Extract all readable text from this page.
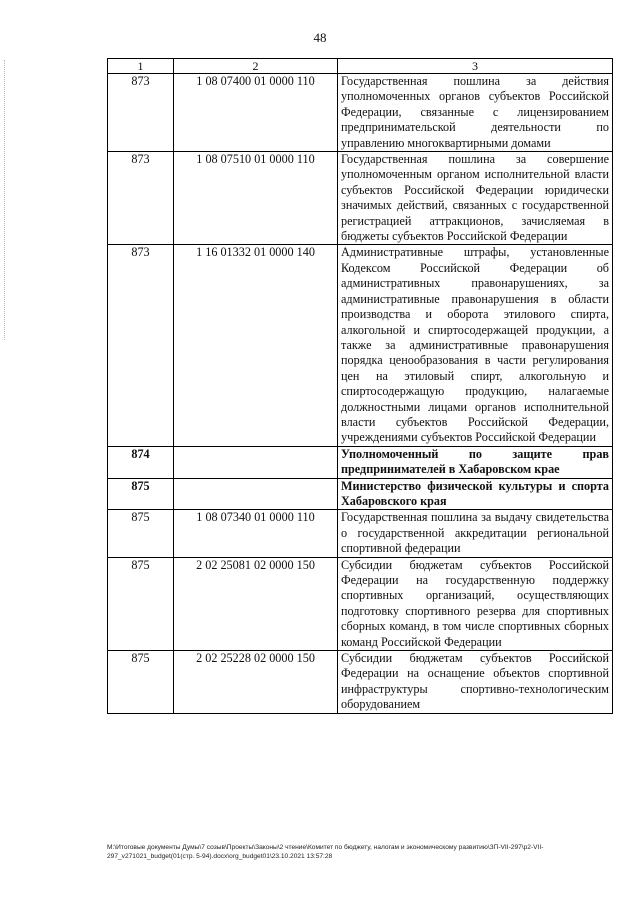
48
1	2	3
873	1 08 07400 01 0000 110	Государственная пошлина за действия уполномоченных органов субъектов Российской Федерации, связанные с лицензированием предпринимательской деятельности по управлению многоквартирными домами
873	1 08 07510 01 0000 110	Государственная пошлина за совершение уполномоченным органом исполнительной власти субъектов Российской Федерации юридически значимых действий, связанных с государственной регистрацией аттракционов, зачисляемая в бюджеты субъектов Российской Федерации
873	1 16 01332 01 0000 140	Административные штрафы, установленные Кодексом Российской Федерации об административных правонарушениях, за административные правонарушения в области производства и оборота этилового спирта, алкогольной и спиртосодержащей продукции, а также за административные правонарушения порядка ценообразования в части регулирования цен на этиловый спирт, алкогольную и спиртосодержащую продукцию, налагаемые должностными лицами органов исполнительной власти субъектов Российской Федерации, учреждениями субъектов Российской Федерации
874		Уполномоченный по защите прав предпринимателей в Хабаровском крае
875		Министерство физической культуры и спорта Хабаровского края
875	1 08 07340 01 0000 110	Государственная пошлина за выдачу свидетельства о государственной аккредитации региональной спортивной федерации
875	2 02 25081 02 0000 150	Субсидии бюджетам субъектов Российской Федерации на государственную поддержку спортивных организаций, осуществляющих подготовку спортивного резерва для спортивных сборных команд, в том числе спортивных сборных команд Российской Федерации
875	2 02 25228 02 0000 150	Субсидии бюджетам субъектов Российской Федерации на оснащение объектов спортивной инфраструктуры спортивно-технологическим оборудованием
M:\Итоговые документы Думы\7 созыв\Проекты\Законы\2 чтение\Комитет по бюджету, налогам и экономическому развитию\ЗП-VII-297\р2-VII-297_v271021_budget(01(стр. 5-94).docx\org_budget01\23.10.2021 13:57:28
